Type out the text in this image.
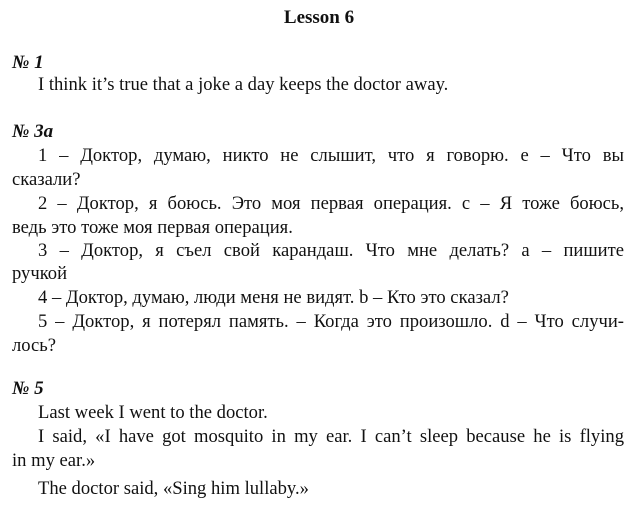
Lesson 6
№ 1
I think it’s true that a joke a day keeps the doctor away.
№ 3a
1 – Доктор, думаю, никто не слышит, что я говорю. е – Что вы
сказали?
2 – Доктор, я боюсь. Это моя первая операция. с – Я тоже боюсь,
ведь это тоже моя первая операция.
3 – Доктор, я съел свой карандаш. Что мне делать? а – пишите
ручкой
4 – Доктор, думаю, люди меня не видят. b – Кто это сказал?
5 – Доктор, я потерял память. – Когда это произошло. d – Что случи-
лось?
№ 5
Last week I went to the doctor.
I said, «I have got mosquito in my ear. I can’t sleep because he is flying
in my ear.»
The doctor said, «Sing him lullaby.»
